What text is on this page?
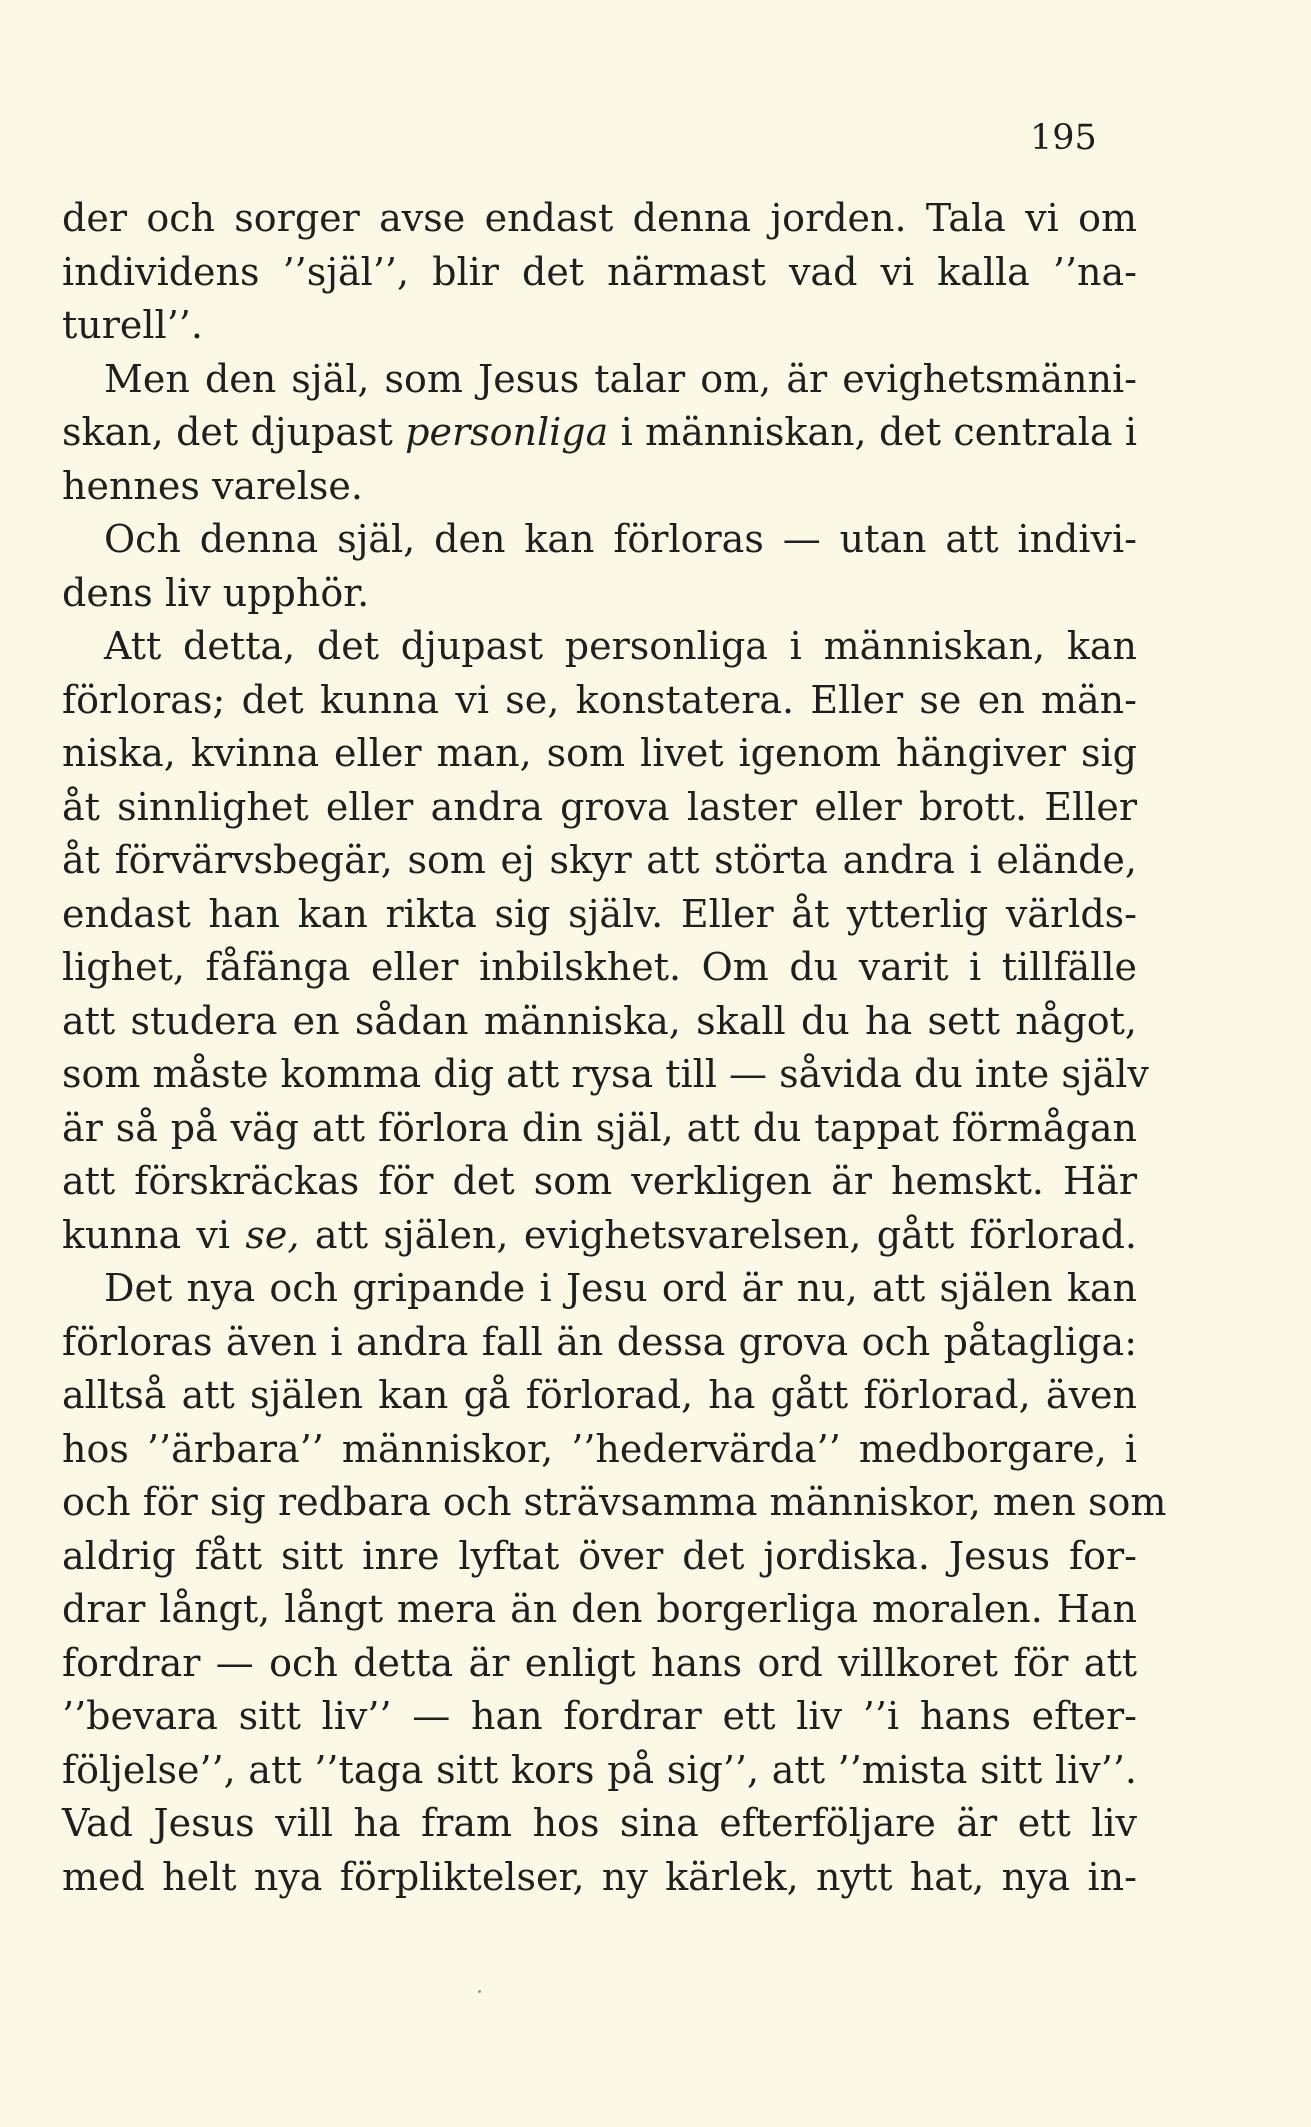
195
der och sorger avse endast denna jorden. Tala vi om
individens ’’själ’’, blir det närmast vad vi kalla ’’na-
turell’’.
Men den själ, som Jesus talar om, är evighetsmänni-
skan, det djupast personliga i människan, det centrala i
hennes varelse.
Och denna själ, den kan förloras — utan att indivi-
dens liv upphör.
Att detta, det djupast personliga i människan, kan
förloras; det kunna vi se, konstatera. Eller se en män-
niska, kvinna eller man, som livet igenom hängiver sig
åt sinnlighet eller andra grova laster eller brott. Eller
åt förvärvsbegär, som ej skyr att störta andra i elände,
endast han kan rikta sig själv. Eller åt ytterlig världs-
lighet, fåfänga eller inbilskhet. Om du varit i tillfälle
att studera en sådan människa, skall du ha sett något,
som måste komma dig att rysa till — såvida du inte själv
är så på väg att förlora din själ, att du tappat förmågan
att förskräckas för det som verkligen är hemskt. Här
kunna vi se, att själen, evighetsvarelsen, gått förlorad.
Det nya och gripande i Jesu ord är nu, att själen kan
förloras även i andra fall än dessa grova och påtagliga:
alltså att själen kan gå förlorad, ha gått förlorad, även
hos ’’ärbara’’ människor, ’’hedervärda’’ medborgare, i
och för sig redbara och strävsamma människor, men som
aldrig fått sitt inre lyftat över det jordiska. Jesus for-
drar långt, långt mera än den borgerliga moralen. Han
fordrar — och detta är enligt hans ord villkoret för att
’’bevara sitt liv’’ — han fordrar ett liv ’’i hans efter-
följelse’’, att ’’taga sitt kors på sig’’, att ’’mista sitt liv’’.
Vad Jesus vill ha fram hos sina efterföljare är ett liv
med helt nya förpliktelser, ny kärlek, nytt hat, nya in-
